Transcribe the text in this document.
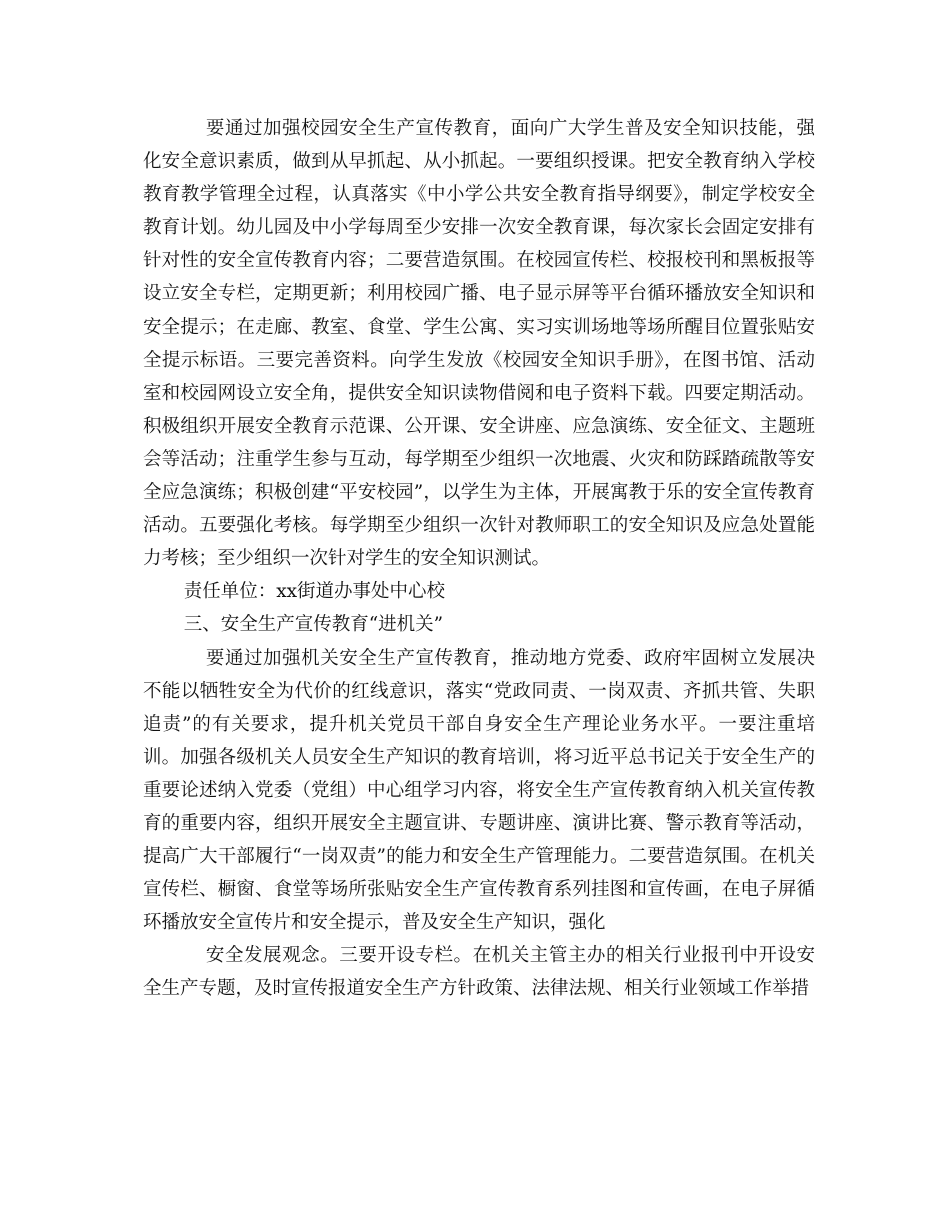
要通过加强校园安全生产宣传教育，面向广大学生普及安全知识技能，强化安全意识素质，做到从早抓起、从小抓起。一要组织授课。把安全教育纳入学校教育教学管理全过程，认真落实《中小学公共安全教育指导纲要》，制定学校安全教育计划。幼儿园及中小学每周至少安排一次安全教育课，每次家长会固定安排有针对性的安全宣传教育内容；二要营造氛围。在校园宣传栏、校报校刊和黑板报等设立安全专栏，定期更新；利用校园广播、电子显示屏等平台循环播放安全知识和安全提示；在走廊、教室、食堂、学生公寓、实习实训场地等场所醒目位置张贴安全提示标语。三要完善资料。向学生发放《校园安全知识手册》，在图书馆、活动室和校园网设立安全角，提供安全知识读物借阅和电子资料下载。四要定期活动。积极组织开展安全教育示范课、公开课、安全讲座、应急演练、安全征文、主题班会等活动；注重学生参与互动，每学期至少组织一次地震、火灾和防踩踏疏散等安全应急演练；积极创建“平安校园”，以学生为主体，开展寓教于乐的安全宣传教育活动。五要强化考核。每学期至少组织一次针对教师职工的安全知识及应急处置能力考核；至少组织一次针对学生的安全知识测试。

责任单位：xx街道办事处中心校

三、安全生产宣传教育“进机关”

要通过加强机关安全生产宣传教育，推动地方党委、政府牢固树立发展决不能以牺牲安全为代价的红线意识，落实“党政同责、一岗双责、齐抓共管、失职追责”的有关要求，提升机关党员干部自身安全生产理论业务水平。一要注重培训。加强各级机关人员安全生产知识的教育培训，将习近平总书记关于安全生产的重要论述纳入党委（党组）中心组学习内容，将安全生产宣传教育纳入机关宣传教育的重要内容，组织开展安全主题宣讲、专题讲座、演讲比赛、警示教育等活动，提高广大干部履行“一岗双责”的能力和安全生产管理能力。二要营造氛围。在机关宣传栏、橱窗、食堂等场所张贴安全生产宣传教育系列挂图和宣传画，在电子屏循环播放安全宣传片和安全提示，普及安全生产知识，强化

安全发展观念。三要开设专栏。在机关主管主办的相关行业报刊中开设安全生产专题，及时宣传报道安全生产方针政策、法律法规、相关行业领域工作举措
